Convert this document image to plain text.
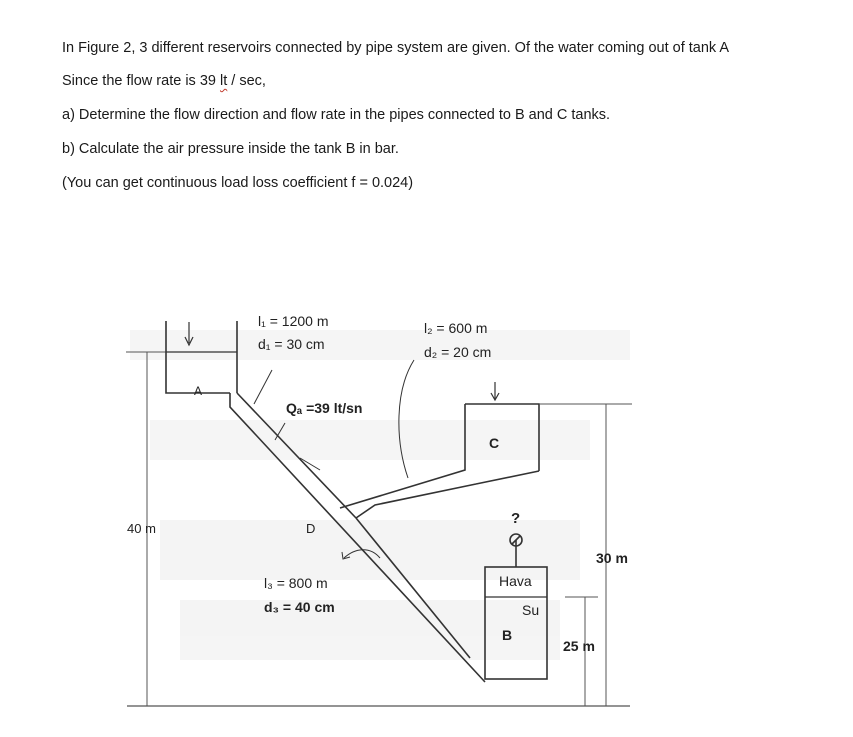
In Figure 2, 3 different reservoirs connected by pipe system are given. Of the water coming out of tank A
Since the flow rate is 39 lt / sec,
a) Determine the flow direction and flow rate in the pipes connected to B and C tanks.
b) Calculate the air pressure inside the tank B in bar.
(You can get continuous load loss coefficient f = 0.024)
l₁ = 1200 m
d₁ = 30 cm
l₂ = 600 m
d₂ = 20 cm
Qₐ =39 lt/sn
A
C
D
?
Hava
Su
B
l₃ = 800 m
d₃ = 40 cm
40 m
30 m
25 m
